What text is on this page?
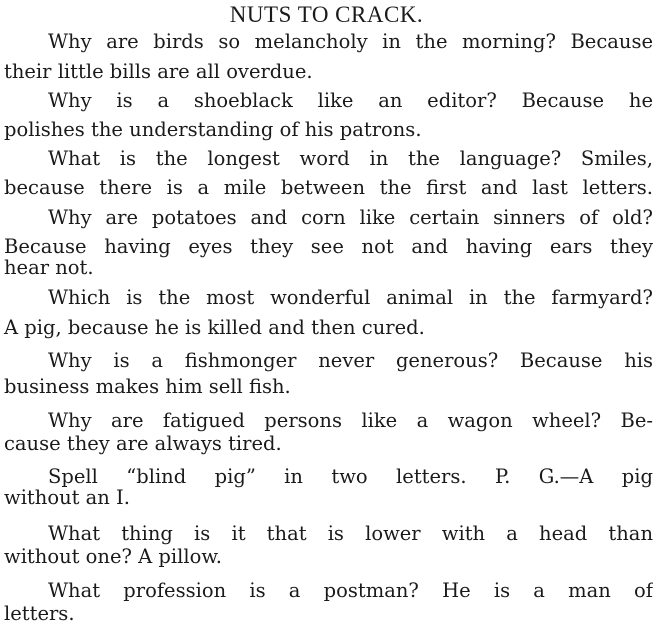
NUTS TO CRACK.
Why are birds so melancholy in the morning? Because
their little bills are all overdue.
Why is a shoeblack like an editor? Because he
polishes the understanding of his patrons.
What is the longest word in the language? Smiles,
because there is a mile between the first and last letters.
Why are potatoes and corn like certain sinners of old?
Because having eyes they see not and having ears they
hear not.
Which is the most wonderful animal in the farmyard?
A pig, because he is killed and then cured.
Why is a fishmonger never generous? Because his
business makes him sell fish.
Why are fatigued persons like a wagon wheel? Be-
cause they are always tired.
Spell “blind pig” in two letters. P. G.—A pig
without an I.
What thing is it that is lower with a head than
without one? A pillow.
What profession is a postman? He is a man of
letters.
